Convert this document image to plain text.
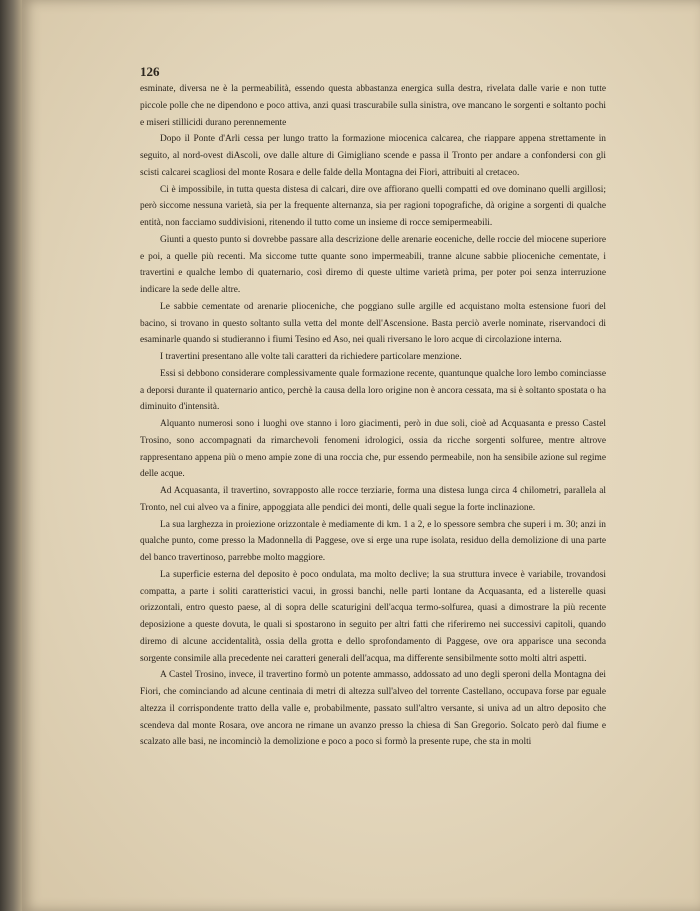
126

esminate, diversa ne è la permeabilità, essendo questa abbastanza energica sulla destra, rivelata dalle varie e non tutte piccole polle che ne dipendono e poco attiva, anzi quasi trascurabile sulla sinistra, ove mancano le sorgenti e soltanto pochi e miseri stillicidi durano perennemente

Dopo il Ponte d'Arli cessa per lungo tratto la formazione miocenica calcarea, che riappare appena strettamente in seguito, al nord-ovest diAscoli, ove dalle alture di Gimigliano scende e passa il Tronto per andare a confondersi con gli scisti calcarei scagliosi del monte Rosara e delle falde della Montagna dei Fiori, attribuiti al cretaceo.

Ci è impossibile, in tutta questa distesa di calcari, dire ove affiorano quelli compatti ed ove dominano quelli argillosi; però siccome nessuna varietà, sia per la frequente alternanza, sia per ragioni topografiche, dà origine a sorgenti di qualche entità, non facciamo suddivisioni, ritenendo il tutto come un insieme di rocce semipermeabili.

Giunti a questo punto si dovrebbe passare alla descrizione delle arenarie eoceniche, delle roccie del miocene superiore e poi, a quelle più recenti. Ma siccome tutte quante sono impermeabili, tranne alcune sabbie plioceniche cementate, i travertini e qualche lembo di quaternario, così diremo di queste ultime varietà prima, per poter poi senza interruzione indicare la sede delle altre.

Le sabbie cementate od arenarie plioceniche, che poggiano sulle argille ed acquistano molta estensione fuori del bacino, si trovano in questo soltanto sulla vetta del monte dell'Ascensione. Basta perciò averle nominate, riservandoci di esaminarle quando si studieranno i fiumi Tesino ed Aso, nei quali riversano le loro acque di circolazione interna.

I travertini presentano alle volte tali caratteri da richiedere particolare menzione.

Essi si debbono considerare complessivamente quale formazione recente, quantunque qualche loro lembo cominciasse a deporsi durante il quaternario antico, perchè la causa della loro origine non è ancora cessata, ma si è soltanto spostata o ha diminuito d'intensità.

Alquanto numerosi sono i luoghi ove stanno i loro giacimenti, però in due soli, cioè ad Acquasanta e presso Castel Trosino, sono accompagnati da rimarchevoli fenomeni idrologici, ossia da ricche sorgenti solfuree, mentre altrove rappresentano appena più o meno ampie zone di una roccia che, pur essendo permeabile, non ha sensibile azione sul regime delle acque.

Ad Acquasanta, il travertino, sovrapposto alle rocce terziarie, forma una distesa lunga circa 4 chilometri, parallela al Tronto, nel cui alveo va a finire, appoggiata alle pendici dei monti, delle quali segue la forte inclinazione.

La sua larghezza in proiezione orizzontale è mediamente di km. 1 a 2, e lo spessore sembra che superi i m. 30; anzi in qualche punto, come presso la Madonnella di Paggese, ove si erge una rupe isolata, residuo della demolizione di una parte del banco travertinoso, parrebbe molto maggiore.

La superficie esterna del deposito è poco ondulata, ma molto declive; la sua struttura invece è variabile, trovandosi compatta, a parte i soliti caratteristici vacui, in grossi banchi, nelle parti lontane da Acquasanta, ed a listerelle quasi orizzontali, entro questo paese, al di sopra delle scaturigini dell'acqua termo-solfurea, quasi a dimostrare la più recente deposizione a queste dovuta, le quali si spostarono in seguito per altri fatti che riferiremo nei successivi capitoli, quando diremo di alcune accidentalità, ossia della grotta e dello sprofondamento di Paggese, ove ora apparisce una seconda sorgente consimile alla precedente nei caratteri generali dell'acqua, ma differente sensibilmente sotto molti altri aspetti.

A Castel Trosino, invece, il travertino formò un potente ammasso, addossato ad uno degli speroni della Montagna dei Fiori, che cominciando ad alcune centinaia di metri di altezza sull'alveo del torrente Castellano, occupava forse par eguale altezza il corrispondente tratto della valle e, probabilmente, passato sull'altro versante, si univa ad un altro deposito che scendeva dal monte Rosara, ove ancora ne rimane un avanzo presso la chiesa di San Gregorio. Solcato però dal fiume e scalzato alle basi, ne incominciò la demolizione e poco a poco si formò la presente rupe, che sta in molti
